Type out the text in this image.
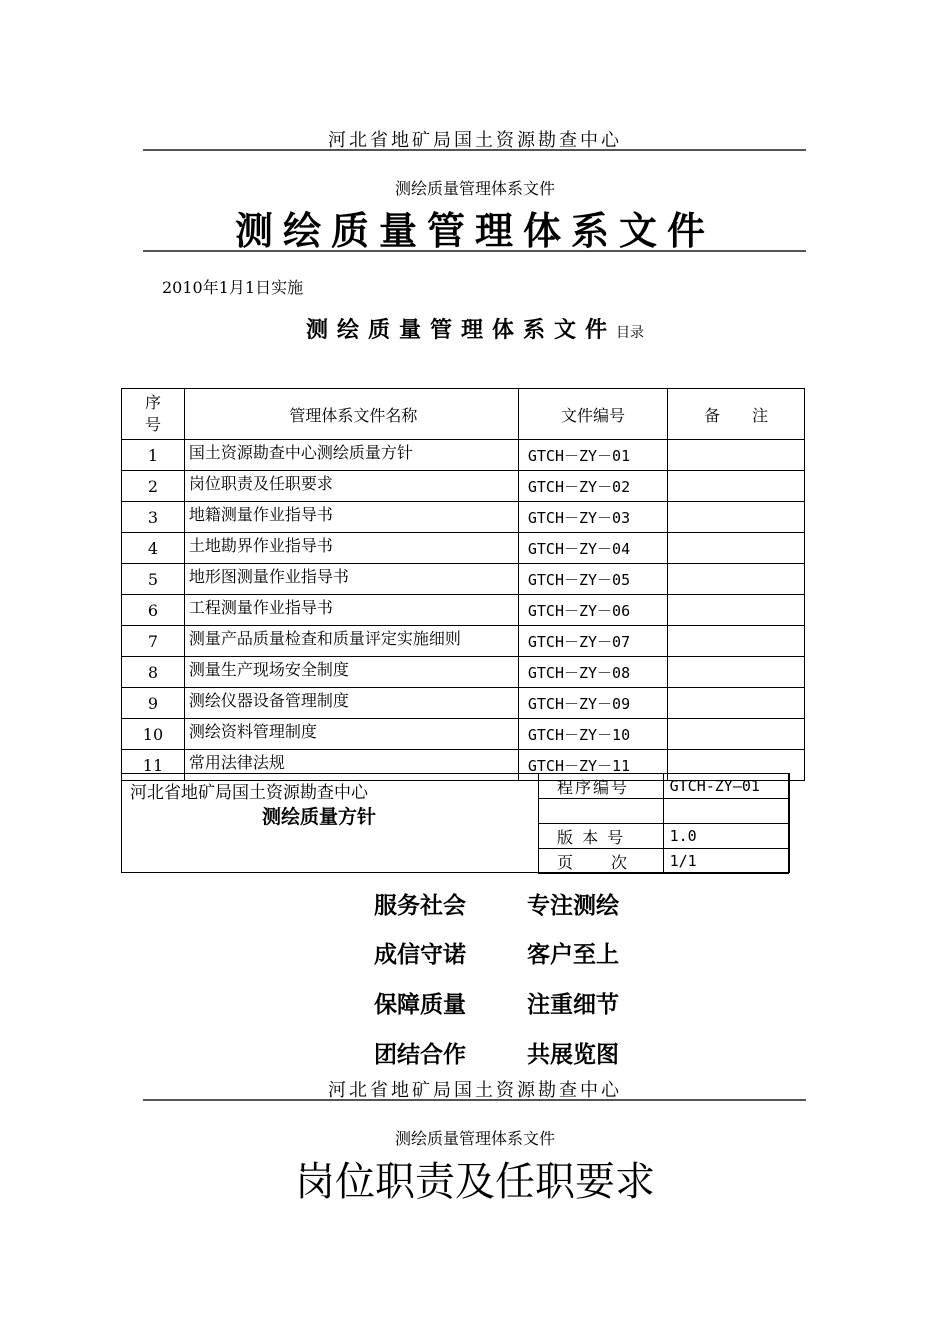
河北省地矿局国土资源勘查中心
测绘质量管理体系文件
测绘质量管理体系文件
2010年1月1日实施
测绘质量管理体系文件目录
序
号	管理体系文件名称	文件编号	备　　注
1	国土资源勘查中心测绘质量方针	GTCH－ZY－01	
2	岗位职责及任职要求	GTCH－ZY－02	
3	地籍测量作业指导书	GTCH－ZY－03	
4	土地勘界作业指导书	GTCH－ZY－04	
5	地形图测量作业指导书	GTCH－ZY－05	
6	工程测量作业指导书	GTCH－ZY－06	
7	测量产品质量检查和质量评定实施细则	GTCH－ZY－07	
8	测量生产现场安全制度	GTCH－ZY－08	
9	测绘仪器设备管理制度	GTCH－ZY－09	
10	测绘资料管理制度	GTCH－ZY－10	
11	常用法律法规	GTCH－ZY－11	
河北省地矿局国土资源勘查中心
测绘质量方针
程序编号	GTCH-ZY—01

版 本 号	1.0
页　　次	1/1
服务社会	专注测绘
成信守诺	客户至上
保障质量	注重细节
团结合作	共展览图
河北省地矿局国土资源勘查中心
测绘质量管理体系文件
岗位职责及任职要求
